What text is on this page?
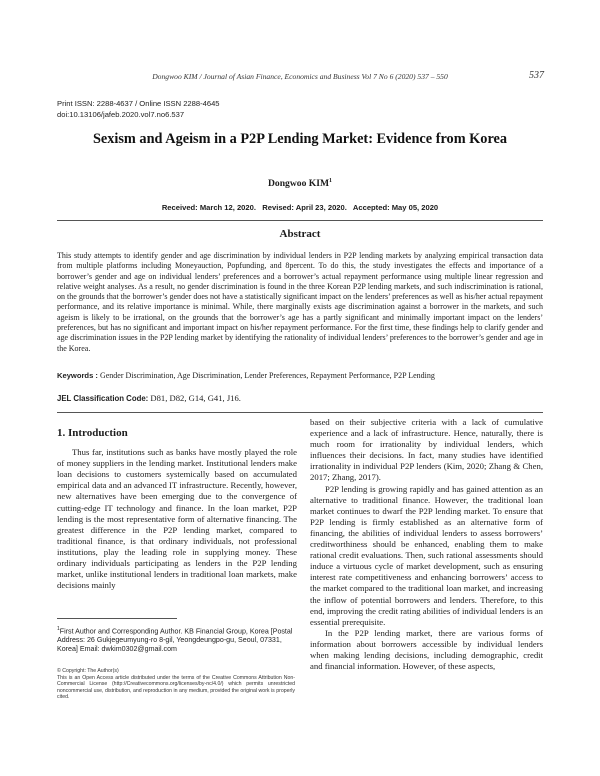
Dongwoo KIM / Journal of Asian Finance, Economics and Business Vol 7 No 6 (2020) 537 – 550	537
Print ISSN: 2288-4637 / Online ISSN 2288-4645
doi:10.13106/jafeb.2020.vol7.no6.537
Sexism and Ageism in a P2P Lending Market: Evidence from Korea
Dongwoo KIM$^1$
Received: March 12, 2020.   Revised: April 23, 2020.   Accepted: May 05, 2020
Abstract
This study attempts to identify gender and age discrimination by individual lenders in P2P lending markets by analyzing empirical transaction data from multiple platforms including Moneyauction, Popfunding, and 8percent. To do this, the study investigates the effects and importance of a borrower’s gender and age on individual lenders’ preferences and a borrower’s actual repayment performance using multiple linear regression and relative weight analyses. As a result, no gender discrimination is found in the three Korean P2P lending markets, and such indiscrimination is rational, on the grounds that the borrower’s gender does not have a statistically significant impact on the lenders’ preferences as well as his/her actual repayment performance, and its relative importance is minimal. While, there marginally exists age discrimination against a borrower in the markets, and such ageism is likely to be irrational, on the grounds that the borrower’s age has a partly significant and minimally important impact on the lenders’ preferences, but has no significant and important impact on his/her repayment performance. For the first time, these findings help to clarify gender and age discrimination issues in the P2P lending market by identifying the rationality of individual lenders’ preferences to the borrower’s gender and age in the Korea.
Keywords : Gender Discrimination, Age Discrimination, Lender Preferences, Repayment Performance, P2P Lending
JEL Classification Code: D81, D82, G14, G41, J16.
1. Introduction

Thus far, institutions such as banks have mostly played the role of money suppliers in the lending market. Institutional lenders make loan decisions to customers systemically based on accumulated empirical data and an advanced IT infrastructure. Recently, however, new alternatives have been emerging due to the convergence of cutting-edge IT technology and finance. In the loan market, P2P lending is the most representative form of alternative financing. The greatest difference in the P2P lending market, compared to traditional finance, is that ordinary individuals, not professional institutions, play the leading role in supplying money. These ordinary individuals participating as lenders in the P2P lending market, unlike institutional lenders in traditional loan markets, make decisions mainly

based on their subjective criteria with a lack of cumulative experience and a lack of infrastructure. Hence, naturally, there is much room for irrationality by individual lenders, which influences their decisions. In fact, many studies have identified irrationality in individual P2P lenders (Kim, 2020; Zhang & Chen, 2017; Zhang, 2017).

P2P lending is growing rapidly and has gained attention as an alternative to traditional finance. However, the traditional loan market continues to dwarf the P2P lending market. To ensure that P2P lending is firmly established as an alternative form of financing, the abilities of individual lenders to assess borrowers’ creditworthiness should be enhanced, enabling them to make rational credit evaluations. Then, such rational assessments should induce a virtuous cycle of market development, such as ensuring interest rate competitiveness and enhancing borrowers’ access to the market compared to the traditional loan market, and increasing the inflow of potential borrowers and lenders. Therefore, to this end, improving the credit rating abilities of individual lenders is an essential prerequisite.

In the P2P lending market, there are various forms of information about borrowers accessible by individual lenders when making lending decisions, including demographic, credit and financial information. However, of these aspects,

$^1$First Author and Corresponding Author. KB Financial Group, Korea [Postal Address: 26 Gukjegeumyung-ro 8-gil, Yeongdeungpo-gu, Seoul, 07331, Korea] Email: dwkim0302@gmail.com
© Copyright: The Author(s)
This is an Open Access article distributed under the terms of the Creative Commons Attribution Non-Commercial License (http://Creativecommons.org/licenses/by-nc/4.0/) which permits unrestricted noncommercial use, distribution, and reproduction in any medium, provided the original work is properly cited.
